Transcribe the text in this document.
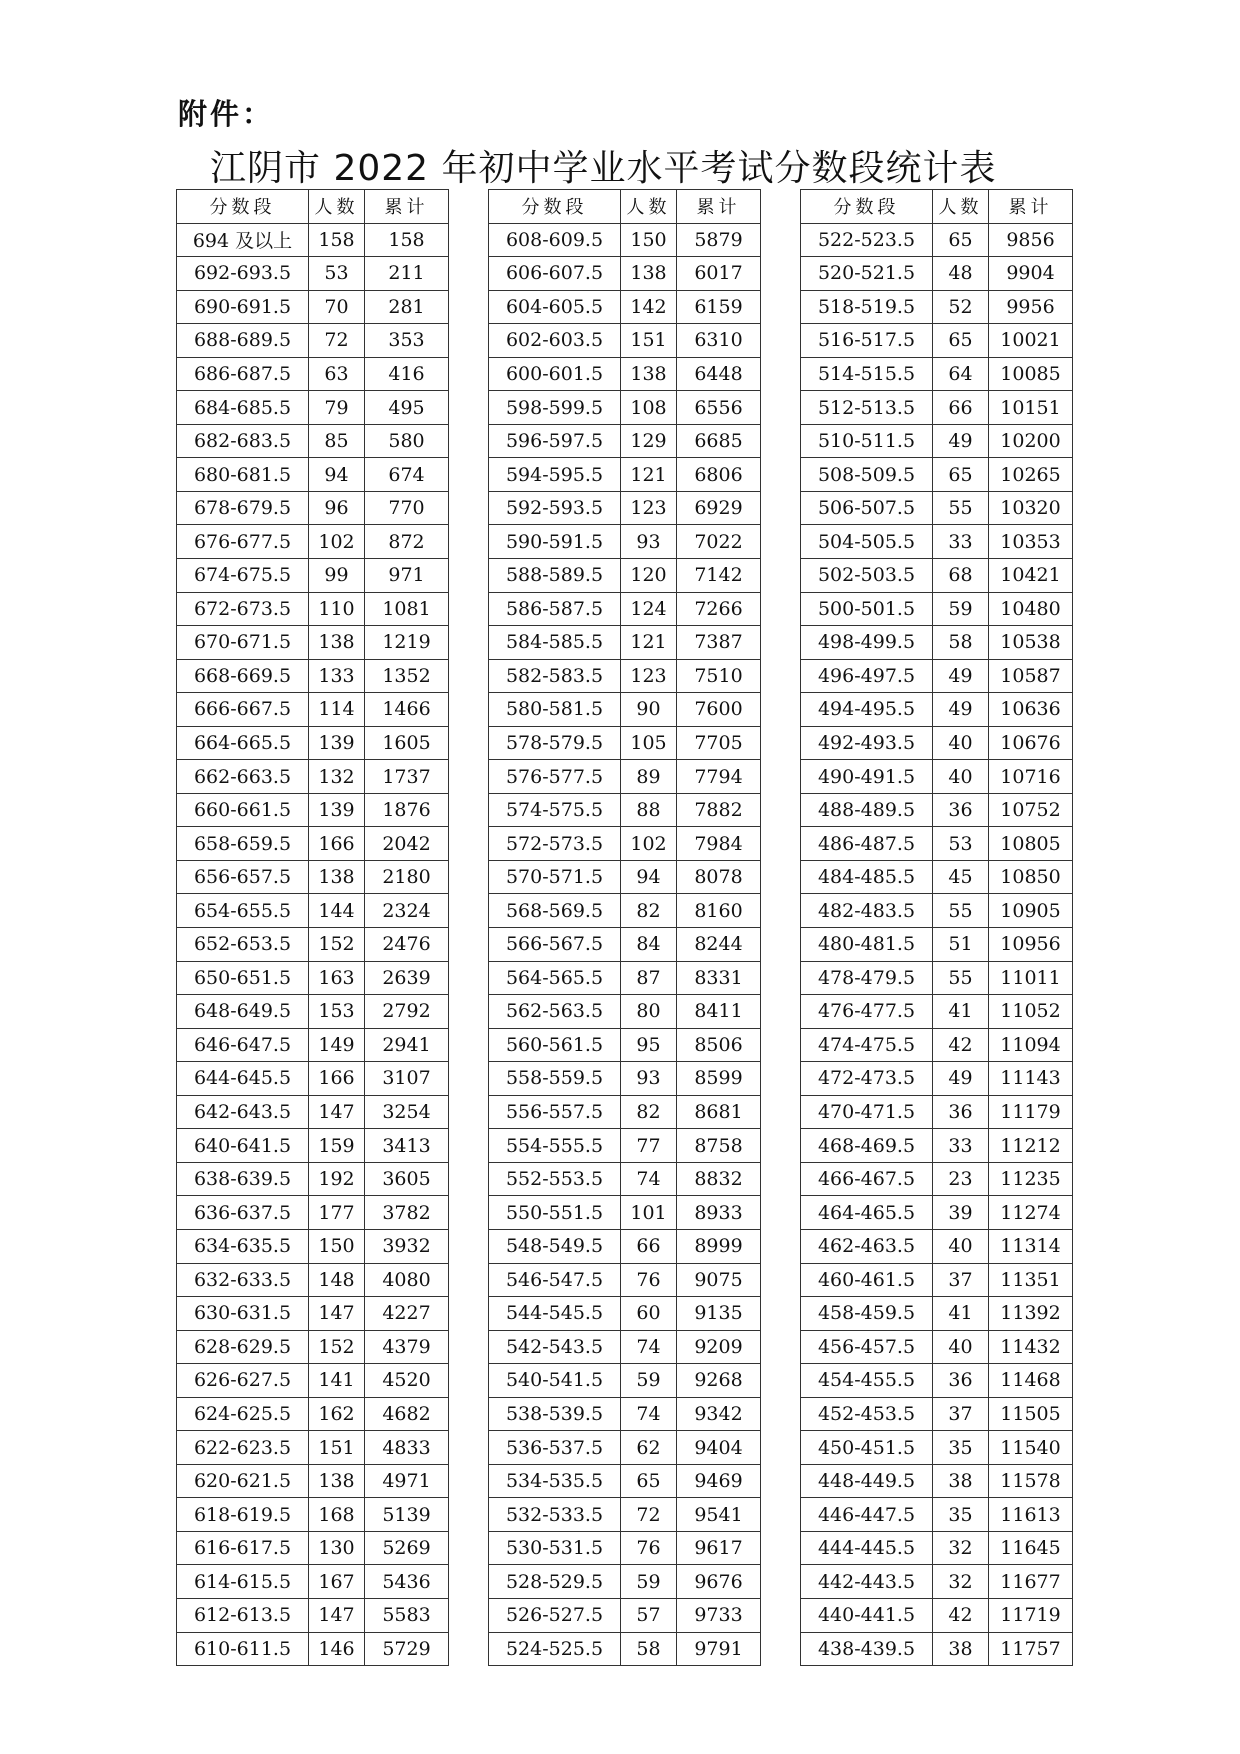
附件：
江阴市 2022 年初中学业水平考试分数段统计表
分数段	人数	累计
694 及以上	158	158
692-693.5	53	211
690-691.5	70	281
688-689.5	72	353
686-687.5	63	416
684-685.5	79	495
682-683.5	85	580
680-681.5	94	674
678-679.5	96	770
676-677.5	102	872
674-675.5	99	971
672-673.5	110	1081
670-671.5	138	1219
668-669.5	133	1352
666-667.5	114	1466
664-665.5	139	1605
662-663.5	132	1737
660-661.5	139	1876
658-659.5	166	2042
656-657.5	138	2180
654-655.5	144	2324
652-653.5	152	2476
650-651.5	163	2639
648-649.5	153	2792
646-647.5	149	2941
644-645.5	166	3107
642-643.5	147	3254
640-641.5	159	3413
638-639.5	192	3605
636-637.5	177	3782
634-635.5	150	3932
632-633.5	148	4080
630-631.5	147	4227
628-629.5	152	4379
626-627.5	141	4520
624-625.5	162	4682
622-623.5	151	4833
620-621.5	138	4971
618-619.5	168	5139
616-617.5	130	5269
614-615.5	167	5436
612-613.5	147	5583
610-611.5	146	5729
分数段	人数	累计
608-609.5	150	5879
606-607.5	138	6017
604-605.5	142	6159
602-603.5	151	6310
600-601.5	138	6448
598-599.5	108	6556
596-597.5	129	6685
594-595.5	121	6806
592-593.5	123	6929
590-591.5	93	7022
588-589.5	120	7142
586-587.5	124	7266
584-585.5	121	7387
582-583.5	123	7510
580-581.5	90	7600
578-579.5	105	7705
576-577.5	89	7794
574-575.5	88	7882
572-573.5	102	7984
570-571.5	94	8078
568-569.5	82	8160
566-567.5	84	8244
564-565.5	87	8331
562-563.5	80	8411
560-561.5	95	8506
558-559.5	93	8599
556-557.5	82	8681
554-555.5	77	8758
552-553.5	74	8832
550-551.5	101	8933
548-549.5	66	8999
546-547.5	76	9075
544-545.5	60	9135
542-543.5	74	9209
540-541.5	59	9268
538-539.5	74	9342
536-537.5	62	9404
534-535.5	65	9469
532-533.5	72	9541
530-531.5	76	9617
528-529.5	59	9676
526-527.5	57	9733
524-525.5	58	9791
分数段	人数	累计
522-523.5	65	9856
520-521.5	48	9904
518-519.5	52	9956
516-517.5	65	10021
514-515.5	64	10085
512-513.5	66	10151
510-511.5	49	10200
508-509.5	65	10265
506-507.5	55	10320
504-505.5	33	10353
502-503.5	68	10421
500-501.5	59	10480
498-499.5	58	10538
496-497.5	49	10587
494-495.5	49	10636
492-493.5	40	10676
490-491.5	40	10716
488-489.5	36	10752
486-487.5	53	10805
484-485.5	45	10850
482-483.5	55	10905
480-481.5	51	10956
478-479.5	55	11011
476-477.5	41	11052
474-475.5	42	11094
472-473.5	49	11143
470-471.5	36	11179
468-469.5	33	11212
466-467.5	23	11235
464-465.5	39	11274
462-463.5	40	11314
460-461.5	37	11351
458-459.5	41	11392
456-457.5	40	11432
454-455.5	36	11468
452-453.5	37	11505
450-451.5	35	11540
448-449.5	38	11578
446-447.5	35	11613
444-445.5	32	11645
442-443.5	32	11677
440-441.5	42	11719
438-439.5	38	11757
